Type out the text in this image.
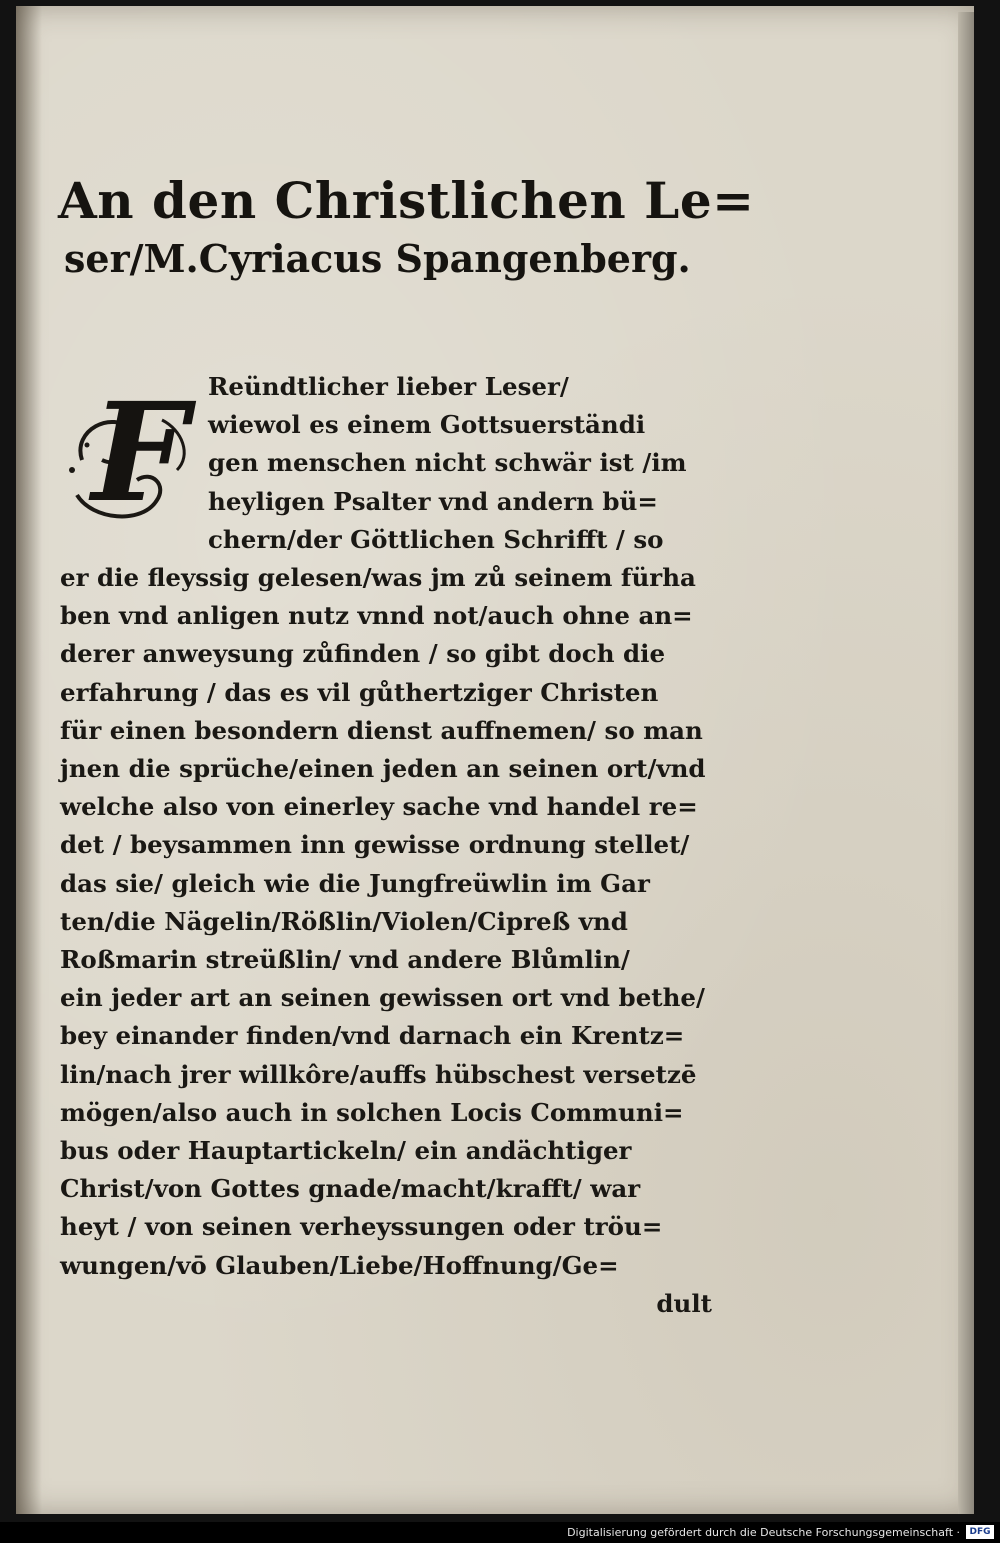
An den Christlichen Le=
ser/M.Cyriacus Spangenberg.
F Reündtlicher lieber Leser/
wiewol es einem Gottsuerständi
gen menschen nicht schwär ist /im
heyligen Psalter vnd andern bü=
chern/der Göttlichen Schrifft / so
er die fleyssig gelesen/was jm zů seinem fürha
ben vnd anligen nutz vnnd not/auch ohne an=
derer anweysung zůfinden / so gibt doch die
erfahrung / das es vil gůthertziger Christen
für einen besondern dienst auffnemen/ so man
jnen die sprüche/einen jeden an seinen ort/vnd
welche also von einerley sache vnd handel re=
det / beysammen inn gewisse ordnung stellet/
das sie/ gleich wie die Jungfreüwlin im Gar
ten/die Nägelin/Rößlin/Violen/Cipreß vnd
Roßmarin streüßlin/ vnd andere Blůmlin/
ein jeder art an seinen gewissen ort vnd bethe/
bey einander finden/vnd darnach ein Krentz=
lin/nach jrer willkôre/auffs hübschest versetzē
mögen/also auch in solchen Locis Communi=
bus oder Hauptartickeln/ ein andächtiger
Christ/von Gottes gnade/macht/krafft/ war
heyt / von seinen verheyssungen oder tröu=
wungen/vō Glauben/Liebe/Hoffnung/Ge=
dult
Digitalisierung gefördert durch die Deutsche Forschungsgemeinschaft ·	DFG
